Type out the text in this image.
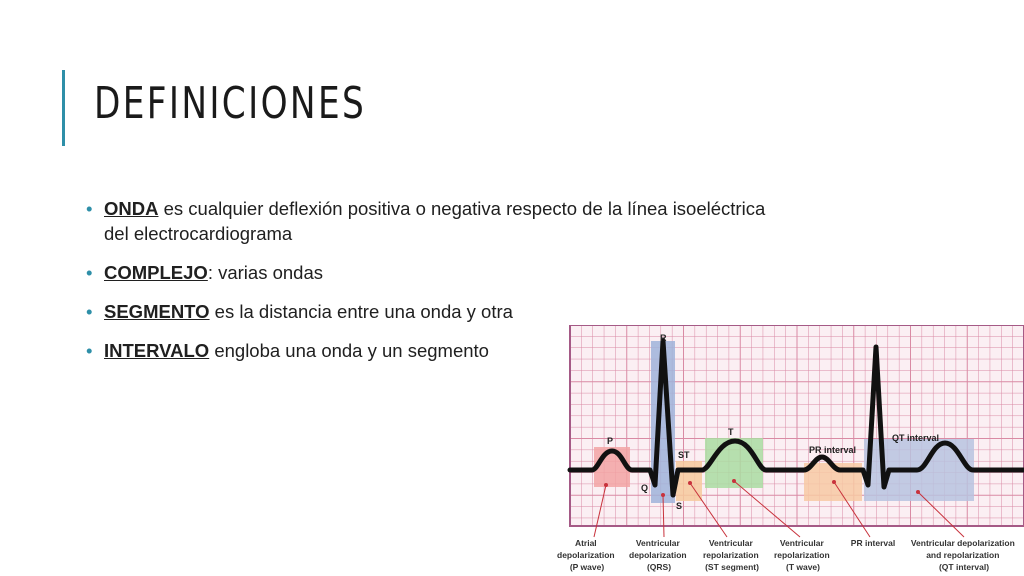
DEFINICIONES
• ONDA es cualquier deflexión positiva o negativa respecto de la línea isoeléctrica
del electrocardiograma
• COMPLEJO: varias ondas
• SEGMENTO es la distancia entre una onda y otra
• INTERVALO engloba una onda y un segmento
P
R
Q
S
ST
T
PR interval
QT interval
Atrial depolarization (P wave)
Ventricular depolarization (QRS)
Ventricular repolarization (ST segment)
Ventricular repolarization (T wave)
PR interval Ventricular depolarization and repolarization (QT interval)
